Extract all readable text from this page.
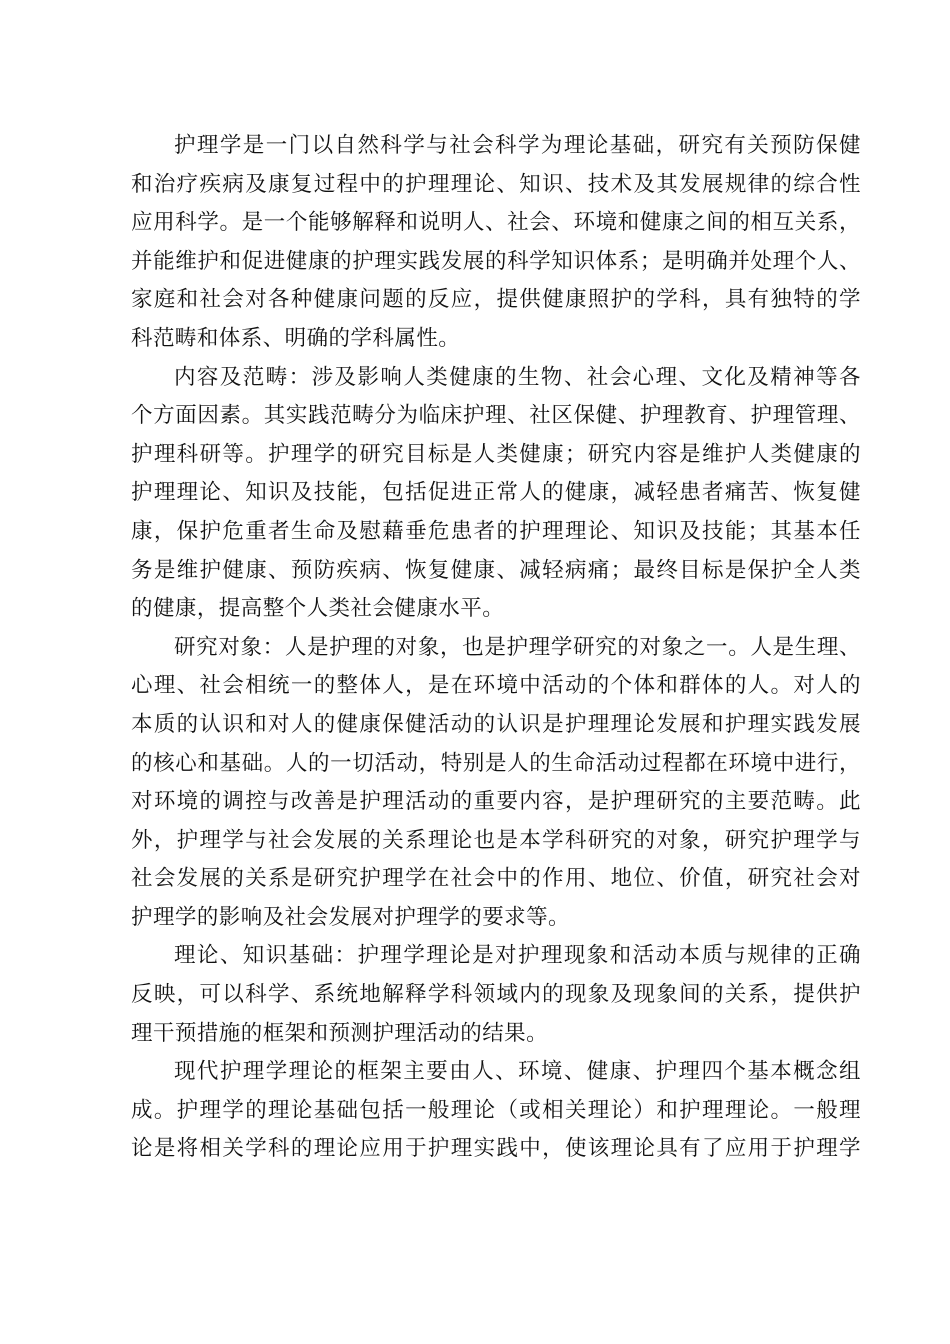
护理学是一门以自然科学与社会科学为理论基础，研究有关预防保健
和治疗疾病及康复过程中的护理理论、知识、技术及其发展规律的综合性
应用科学。是一个能够解释和说明人、社会、环境和健康之间的相互关系，
并能维护和促进健康的护理实践发展的科学知识体系；是明确并处理个人、
家庭和社会对各种健康问题的反应，提供健康照护的学科，具有独特的学
科范畴和体系、明确的学科属性。

内容及范畴：涉及影响人类健康的生物、社会心理、文化及精神等各
个方面因素。其实践范畴分为临床护理、社区保健、护理教育、护理管理、
护理科研等。护理学的研究目标是人类健康；研究内容是维护人类健康的
护理理论、知识及技能，包括促进正常人的健康，减轻患者痛苦、恢复健
康，保护危重者生命及慰藉垂危患者的护理理论、知识及技能；其基本任
务是维护健康、预防疾病、恢复健康、减轻病痛；最终目标是保护全人类
的健康，提高整个人类社会健康水平。

研究对象：人是护理的对象，也是护理学研究的对象之一。人是生理、
心理、社会相统一的整体人，是在环境中活动的个体和群体的人。对人的
本质的认识和对人的健康保健活动的认识是护理理论发展和护理实践发展
的核心和基础。人的一切活动，特别是人的生命活动过程都在环境中进行，
对环境的调控与改善是护理活动的重要内容，是护理研究的主要范畴。此
外，护理学与社会发展的关系理论也是本学科研究的对象，研究护理学与
社会发展的关系是研究护理学在社会中的作用、地位、价值，研究社会对
护理学的影响及社会发展对护理学的要求等。

理论、知识基础：护理学理论是对护理现象和活动本质与规律的正确
反映，可以科学、系统地解释学科领域内的现象及现象间的关系，提供护
理干预措施的框架和预测护理活动的结果。

现代护理学理论的框架主要由人、环境、健康、护理四个基本概念组
成。护理学的理论基础包括一般理论（或相关理论）和护理理论。一般理
论是将相关学科的理论应用于护理实践中，使该理论具有了应用于护理学
